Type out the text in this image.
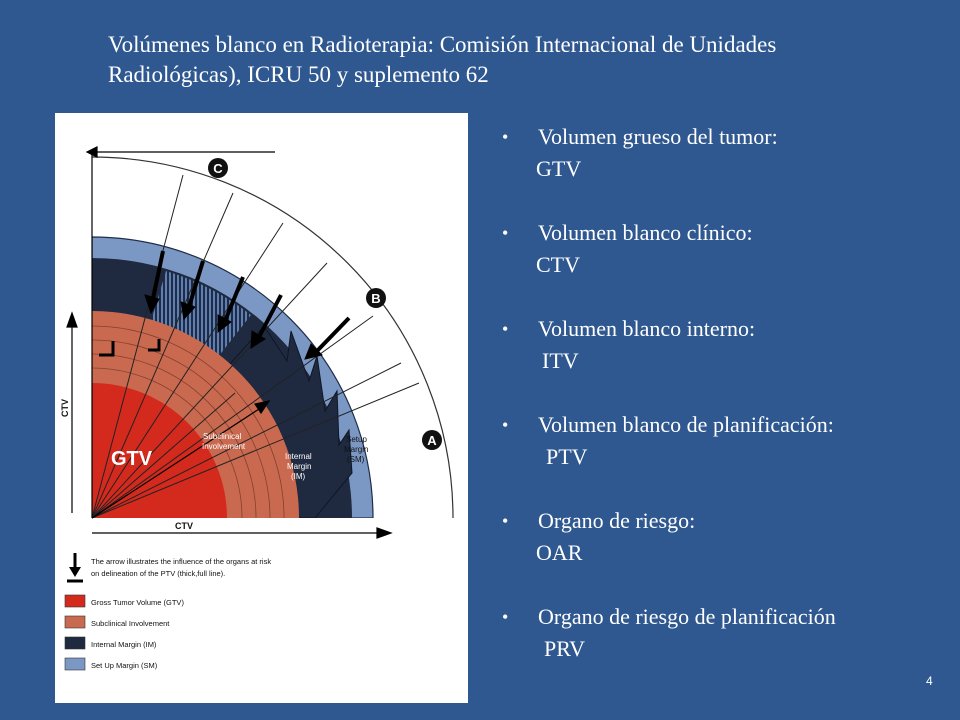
Volúmenes blanco en Radioterapia: Comisión Internacional de Unidades
Radiológicas), ICRU 50 y suplemento 62
C
B
A
CTV
CTV
GTV
Subclinical
Involvement
Internal
Margin
(IM)
Setup
Margin
(SM)
The arrow illustrates the influence of the organs at risk
on delineation of the PTV (thick,full line).
Gross Tumor Volume (GTV)
Subclinical Involvement
Internal Margin (IM)
Set Up Margin (SM)
• Volumen grueso del tumor:
GTV
• Volumen blanco clínico:
CTV
• Volumen blanco interno:
ITV
• Volumen blanco de planificación:
PTV
• Organo de riesgo:
OAR
• Organo de riesgo de planificación
PRV
4
